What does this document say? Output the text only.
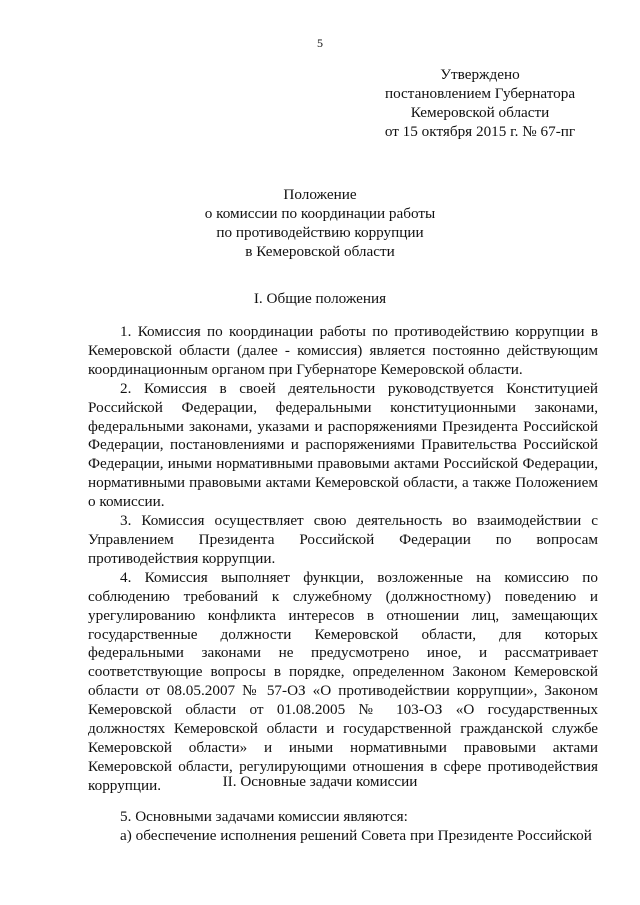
5
Утверждено
постановлением Губернатора
Кемеровской области
от 15 октября 2015 г. № 67-пг
Положение
о комиссии по координации работы
по противодействию коррупции
в Кемеровской области
I. Общие положения

1. Комиссия по координации работы по противодействию коррупции в Кемеровской области (далее - комиссия) является постоянно действующим координационным органом при Губернаторе Кемеровской области.

2. Комиссия в своей деятельности руководствуется Конституцией Российской Федерации, федеральными конституционными законами, федеральными законами, указами и распоряжениями Президента Российской Федерации, постановлениями и распоряжениями Правительства Российской Федерации, иными нормативными правовыми актами Российской Федерации, нормативными правовыми актами Кемеровской области, а также Положением о комиссии.

3. Комиссия осуществляет свою деятельность во взаимодействии с Управлением Президента Российской Федерации по вопросам противодействия коррупции.

4. Комиссия выполняет функции, возложенные на комиссию по соблюдению требований к служебному (должностному) поведению и урегулированию конфликта интересов в отношении лиц, замещающих государственные должности Кемеровской области, для которых федеральными законами не предусмотрено иное, и рассматривает соответствующие вопросы в порядке, определенном Законом Кемеровской области от 08.05.2007 № 57-ОЗ «О противодействии коррупции», Законом Кемеровской области от 01.08.2005 № 103-ОЗ «О государственных должностях Кемеровской области и государственной гражданской службе Кемеровской области» и иными нормативными правовыми актами Кемеровской области, регулирующими отношения в сфере противодействия коррупции.	II. Основные задачи комиссии

5. Основными задачами комиссии являются:

а) обеспечение исполнения решений Совета при Президенте Российской
